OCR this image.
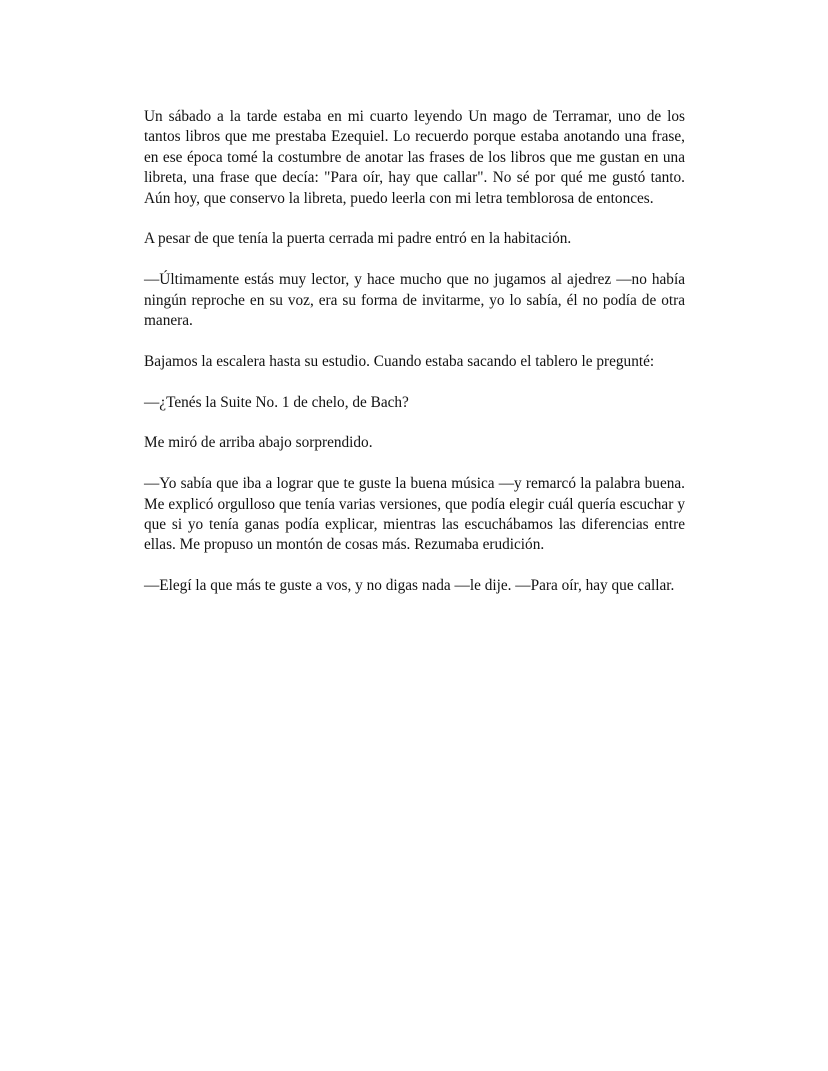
Un sábado a la tarde estaba en mi cuarto leyendo Un mago de Terramar, uno de los tantos libros que me prestaba Ezequiel. Lo recuerdo porque estaba anotando una frase, en ese época tomé la costumbre de anotar las frases de los libros que me gustan en una libreta, una frase que decía: "Para oír, hay que callar". No sé por qué me gustó tanto. Aún hoy, que conservo la libreta, puedo leerla con mi letra temblorosa de entonces.

A pesar de que tenía la puerta cerrada mi padre entró en la habitación.

—Últimamente estás muy lector, y hace mucho que no jugamos al ajedrez —no había ningún reproche en su voz, era su forma de invitarme, yo lo sabía, él no podía de otra manera.

Bajamos la escalera hasta su estudio. Cuando estaba sacando el tablero le pregunté:

—¿Tenés la Suite No. 1 de chelo, de Bach?

Me miró de arriba abajo sorprendido.

—Yo sabía que iba a lograr que te guste la buena música —y remarcó la palabra buena. Me explicó orgulloso que tenía varias versiones, que podía elegir cuál quería escuchar y que si yo tenía ganas podía explicar, mientras las escuchábamos las diferencias entre ellas. Me propuso un montón de cosas más. Rezumaba erudición.

—Elegí la que más te guste a vos, y no digas nada —le dije. —Para oír, hay que callar.
